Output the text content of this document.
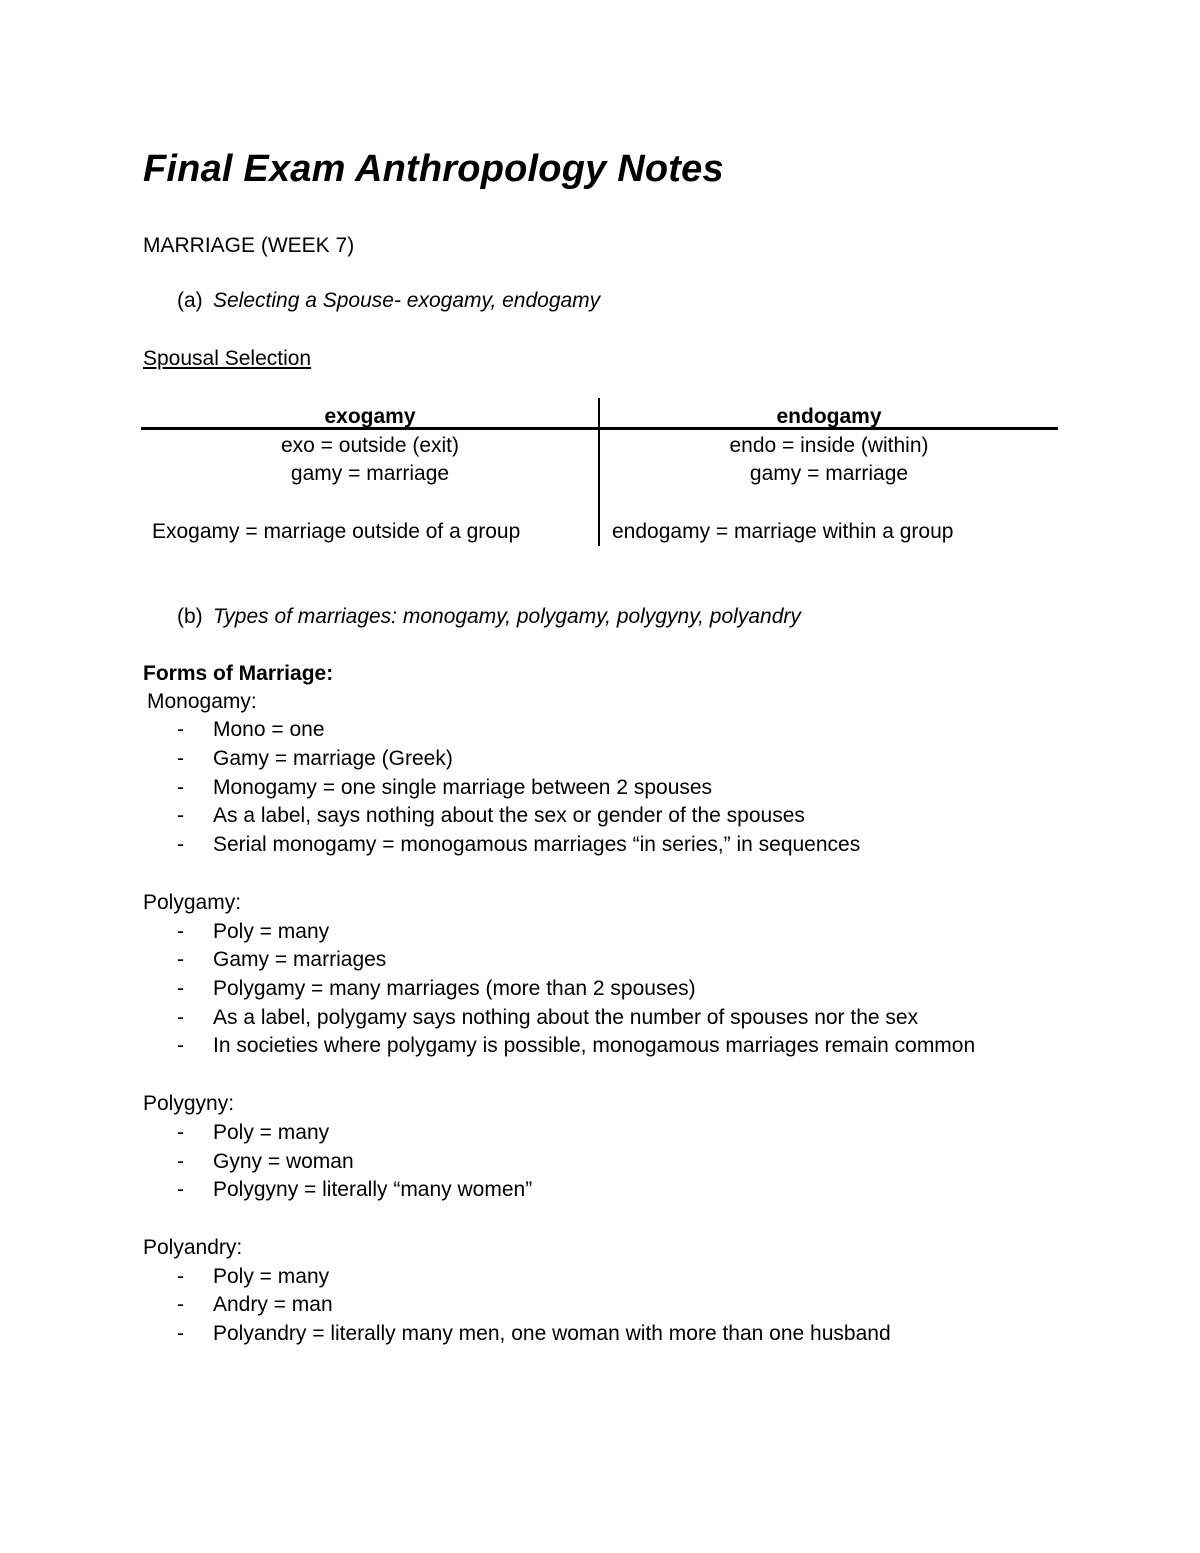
Final Exam Anthropology Notes
MARRIAGE (WEEK 7)
(a) Selecting a Spouse- exogamy, endogamy
Spousal Selection
exogamy	endogamy
exo = outside (exit)
gamy = marriage
endo = inside (within)
gamy = marriage
Exogamy = marriage outside of a group	endogamy = marriage within a group
(b) Types of marriages: monogamy, polygamy, polygyny, polyandry
Forms of Marriage:
Monogamy:
- Mono = one
- Gamy = marriage (Greek)
- Monogamy = one single marriage between 2 spouses
- As a label, says nothing about the sex or gender of the spouses
- Serial monogamy = monogamous marriages “in series,” in sequences
Polygamy:
- Poly = many
- Gamy = marriages
- Polygamy = many marriages (more than 2 spouses)
- As a label, polygamy says nothing about the number of spouses nor the sex
- In societies where polygamy is possible, monogamous marriages remain common
Polygyny:
- Poly = many
- Gyny = woman
- Polygyny = literally “many women”
Polyandry:
- Poly = many
- Andry = man
- Polyandry = literally many men, one woman with more than one husband
